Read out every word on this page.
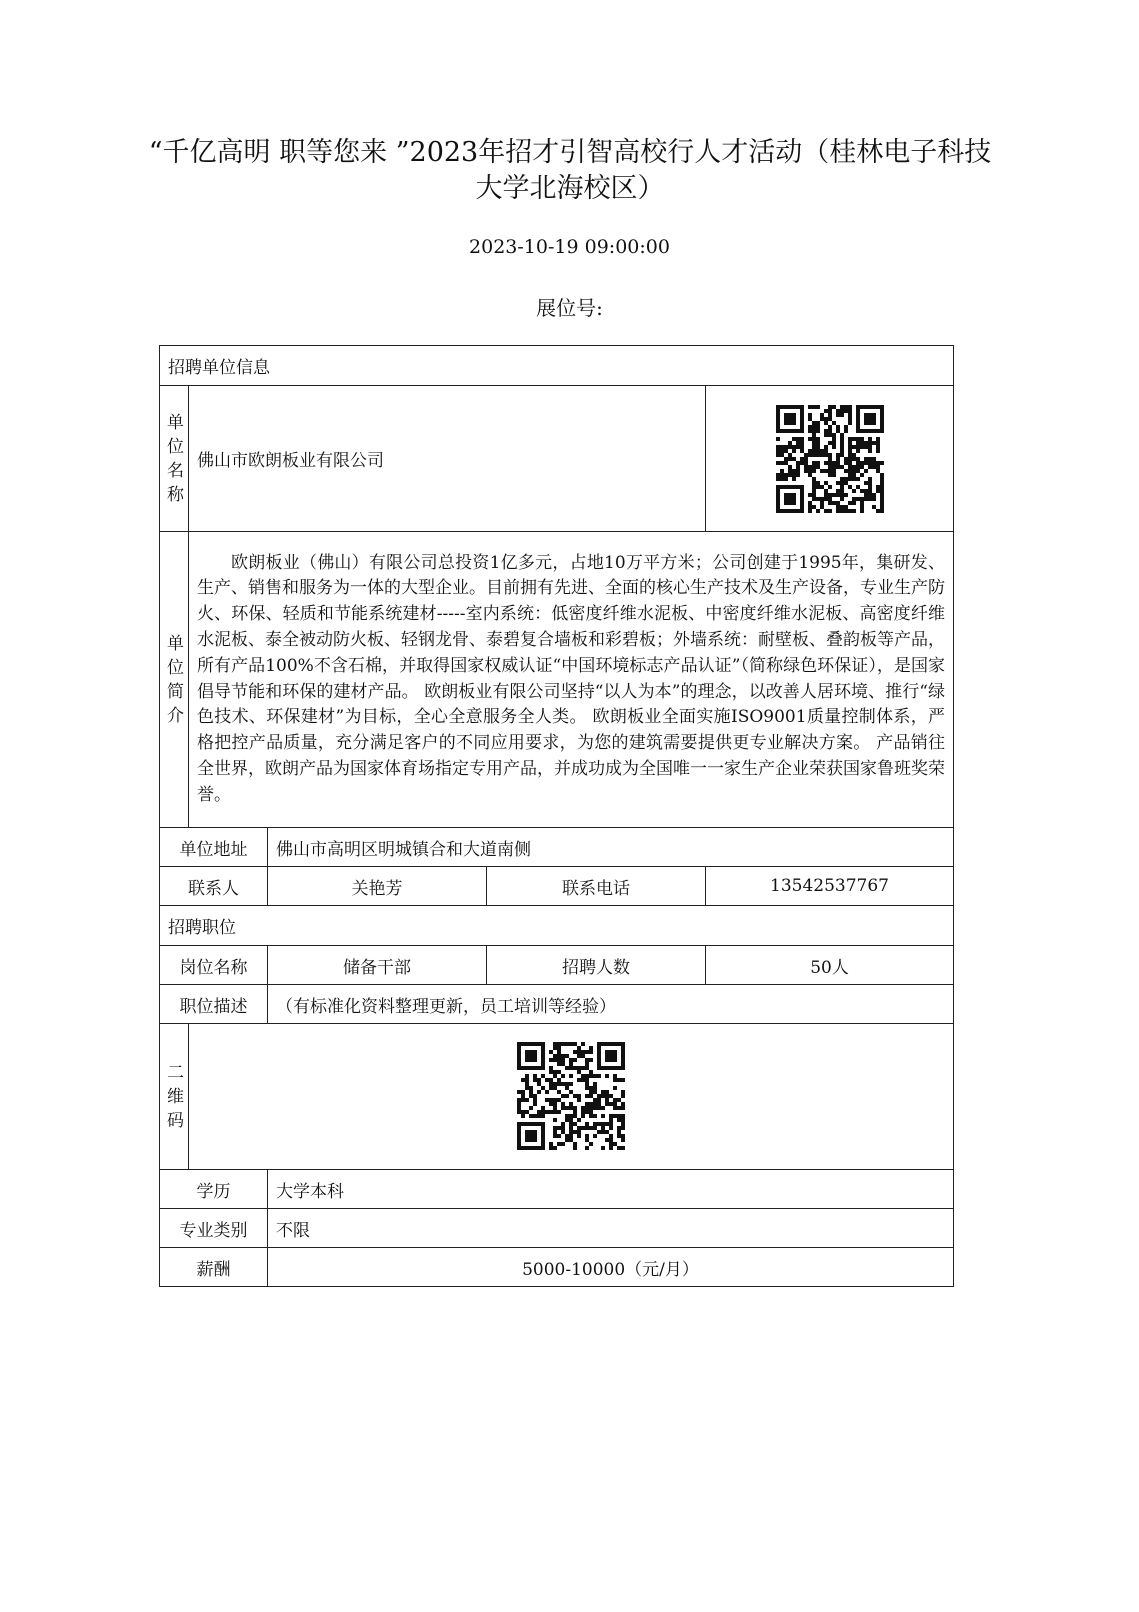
“千亿高明 职等您来 ”2023年招才引智高校行人才活动（桂林电子科技大学北海校区）
2023-10-19 09:00:00
展位号:
招聘单位信息				
单位名称	佛山市欧朗板业有限公司	
单位简介	欧朗板业（佛山）有限公司总投资1亿多元，占地10万平方米；公司创建于1995年，集研发、生产、销售和服务为一体的大型企业。目前拥有先进、全面的核心生产技术及生产设备，专业生产防火、环保、轻质和节能系统建材-----室内系统：低密度纤维水泥板、中密度纤维水泥板、高密度纤维水泥板、泰全被动防火板、轻钢龙骨、泰碧复合墙板和彩碧板；外墙系统：耐壁板、叠韵板等产品，所有产品100%不含石棉，并取得国家权威认证“中国环境标志产品认证”（简称绿色环保证），是国家倡导节能和环保的建材产品。 欧朗板业有限公司坚持“以人为本”的理念，以改善人居环境、推行“绿色技术、环保建材”为目标，全心全意服务全人类。 欧朗板业全面实施ISO9001质量控制体系，严格把控产品质量，充分满足客户的不同应用要求，为您的建筑需要提供更专业解决方案。 产品销往全世界，欧朗产品为国家体育场指定专用产品，并成功成为全国唯一一家生产企业荣获国家鲁班奖荣誉。			
单位地址		佛山市高明区明城镇合和大道南侧		
联系人		关艳芳	联系电话	13542537767
招聘职位				
岗位名称		储备干部	招聘人数	50人
职位描述		（有标准化资料整理更新，员工培训等经验）		
二维码	
学历		大学本科		
专业类别		不限		
薪酬		5000-10000（元/月）		
